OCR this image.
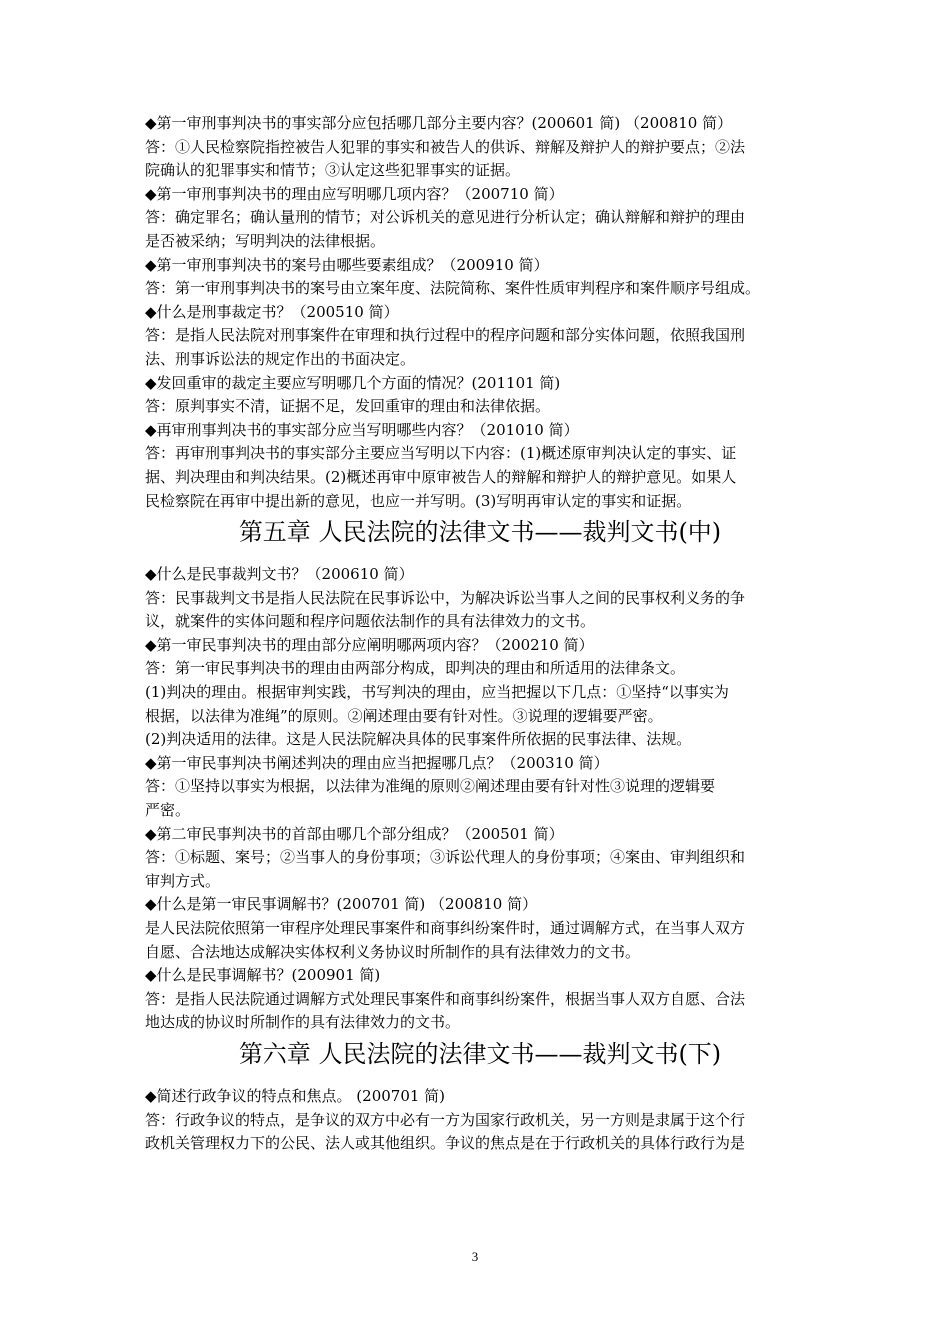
◆第一审刑事判决书的事实部分应包括哪几部分主要内容？(200601 简) （200810 简）
答：①人民检察院指控被告人犯罪的事实和被告人的供诉、辩解及辩护人的辩护要点；②法
院确认的犯罪事实和情节；③认定这些犯罪事实的证据。
◆第一审刑事判决书的理由应写明哪几项内容？（200710 简）
答：确定罪名；确认量刑的情节；对公诉机关的意见进行分析认定；确认辩解和辩护的理由
是否被采纳；写明判决的法律根据。
◆第一审刑事判决书的案号由哪些要素组成？（200910 简）
答：第一审刑事判决书的案号由立案年度、法院简称、案件性质审判程序和案件顺序号组成。
◆什么是刑事裁定书？（200510 简）
答：是指人民法院对刑事案件在审理和执行过程中的程序问题和部分实体问题，依照我国刑
法、刑事诉讼法的规定作出的书面决定。
◆发回重审的裁定主要应写明哪几个方面的情况？(201101 简)
答：原判事实不清，证据不足，发回重审的理由和法律依据。
◆再审刑事判决书的事实部分应当写明哪些内容？（201010 简）
答：再审刑事判决书的事实部分主要应当写明以下内容：(1)概述原审判决认定的事实、证
据、判决理由和判决结果。(2)概述再审中原审被告人的辩解和辩护人的辩护意见。如果人
民检察院在再审中提出新的意见，也应一并写明。(3)写明再审认定的事实和证据。
第五章 人民法院的法律文书——裁判文书(中)
◆什么是民事裁判文书？（200610 简）
答：民事裁判文书是指人民法院在民事诉讼中，为解决诉讼当事人之间的民事权利义务的争
议，就案件的实体问题和程序问题依法制作的具有法律效力的文书。
◆第一审民事判决书的理由部分应阐明哪两项内容？（200210 简）
答：第一审民事判决书的理由由两部分构成，即判决的理由和所适用的法律条文。
(1)判决的理由。根据审判实践，书写判决的理由，应当把握以下几点：①坚持“以事实为
根据，以法律为准绳”的原则。②阐述理由要有针对性。③说理的逻辑要严密。
(2)判决适用的法律。这是人民法院解决具体的民事案件所依据的民事法律、法规。
◆第一审民事判决书阐述判决的理由应当把握哪几点？（200310 简）
答：①坚持以事实为根据，以法律为准绳的原则②阐述理由要有针对性③说理的逻辑要
严密。
◆第二审民事判决书的首部由哪几个部分组成？（200501 简）
答：①标题、案号；②当事人的身份事项；③诉讼代理人的身份事项；④案由、审判组织和
审判方式。
◆什么是第一审民事调解书？(200701 简) （200810 简）
是人民法院依照第一审程序处理民事案件和商事纠纷案件时，通过调解方式，在当事人双方
自愿、合法地达成解决实体权利义务协议时所制作的具有法律效力的文书。
◆什么是民事调解书？(200901 简)
答：是指人民法院通过调解方式处理民事案件和商事纠纷案件，根据当事人双方自愿、合法
地达成的协议时所制作的具有法律效力的文书。
第六章 人民法院的法律文书——裁判文书(下)
◆简述行政争议的特点和焦点。 (200701 简)
答：行政争议的特点，是争议的双方中必有一方为国家行政机关，另一方则是隶属于这个行
政机关管理权力下的公民、法人或其他组织。争议的焦点是在于行政机关的具体行政行为是
3
